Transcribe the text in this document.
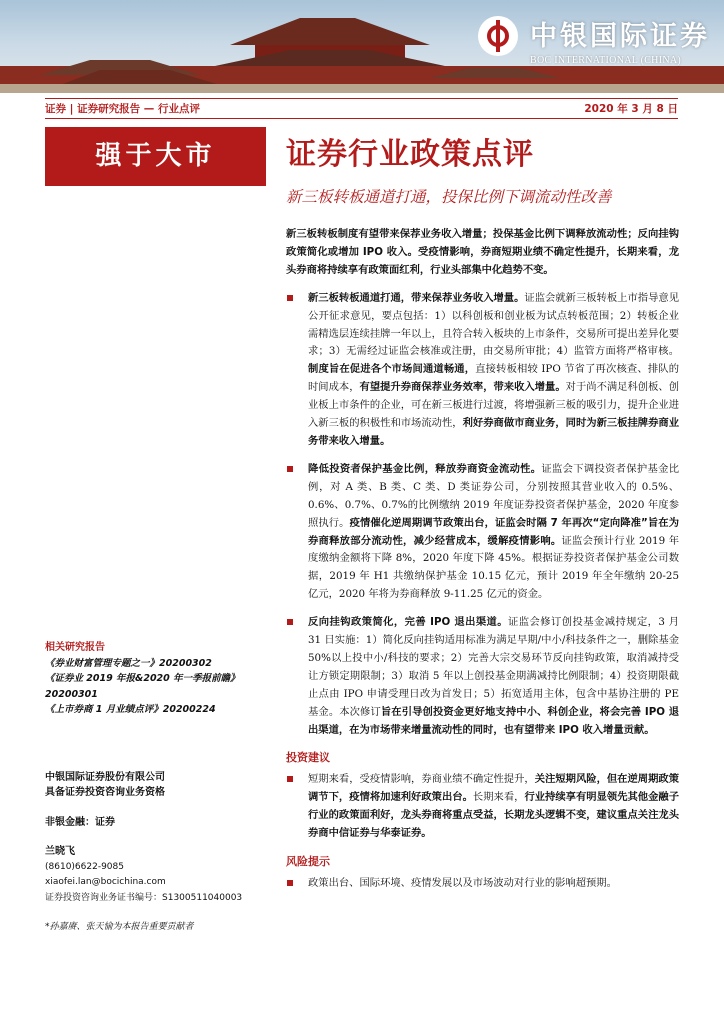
中银国际证券
BOC INTERNATIONAL (CHINA)
证券 | 证券研究报告 — 行业点评	2020 年 3 月 8 日
强于大市	证券行业政策点评
新三板转板通道打通，投保比例下调流动性改善
新三板转板制度有望带来保荐业务收入增量；投保基金比例下调释放流动性；反向挂钩政策简化或增加 IPO 收入。受疫情影响，券商短期业绩不确定性提升，长期来看，龙头券商将持续享有政策面红利，行业头部集中化趋势不变。
新三板转板通道打通，带来保荐业务收入增量。证监会就新三板转板上市指导意见公开征求意见，要点包括：1）以科创板和创业板为试点转板范围；2）转板企业需精选层连续挂牌一年以上，且符合转入板块的上市条件，交易所可提出差异化要求；3）无需经过证监会核准或注册，由交易所审批；4）监管方面将严格审核。制度旨在促进各个市场间通道畅通，直接转板相较 IPO 节省了再次核查、排队的时间成本，有望提升券商保荐业务效率，带来收入增量。对于尚不满足科创板、创业板上市条件的企业，可在新三板进行过渡，将增强新三板的吸引力，提升企业进入新三板的积极性和市场流动性，利好券商做市商业务，同时为新三板挂牌券商业务带来收入增量。
降低投资者保护基金比例，释放券商资金流动性。证监会下调投资者保护基金比例，对 A 类、B 类、C 类、D 类证券公司，分别按照其营业收入的 0.5%、0.6%、0.7%、0.7%的比例缴纳 2019 年度证券投资者保护基金，2020 年度参照执行。疫情催化逆周期调节政策出台，证监会时隔 7 年再次“定向降准”旨在为券商释放部分流动性，减少经营成本，缓解疫情影响。证监会预计行业 2019 年度缴纳金额将下降 8%，2020 年度下降 45%。根据证券投资者保护基金公司数据，2019 年 H1 共缴纳保护基金 10.15 亿元，预计 2019 年全年缴纳 20-25 亿元，2020 年将为券商释放 9-11.25 亿元的资金。
反向挂钩政策简化，完善 IPO 退出渠道。证监会修订创投基金减持规定，3 月 31 日实施：1）简化反向挂钩适用标准为满足早期/中小/科技条件之一，删除基金 50%以上投中小/科技的要求；2）完善大宗交易环节反向挂钩政策，取消减持受让方锁定期限制；3）取消 5 年以上创投基金期满减持比例限制；4）投资期限截止点由 IPO 申请受理日改为首发日；5）拓宽适用主体，包含中基协注册的 PE 基金。本次修订旨在引导创投资金更好地支持中小、科创企业，将会完善 IPO 退出渠道，在为市场带来增量流动性的同时，也有望带来 IPO 收入增量贡献。
投资建议
短期来看，受疫情影响，券商业绩不确定性提升，关注短期风险，但在逆周期政策调节下，疫情将加速利好政策出台。长期来看，行业持续享有明显领先其他金融子行业的政策面利好，龙头券商将重点受益，长期龙头逻辑不变，建议重点关注龙头券商中信证券与华泰证券。
风险提示
政策出台、国际环境、疫情发展以及市场波动对行业的影响超预期。
相关研究报告
《券业财富管理专题之一》20200302
《证券业 2019 年报&2020 年一季报前瞻》20200301
《上市券商 1 月业绩点评》20200224
中银国际证券股份有限公司
具备证券投资咨询业务资格
非银金融：证券
兰晓飞
(8610)6622-9085
xiaofei.lan@bocichina.com
证券投资咨询业务证书编号：S1300511040003
*孙嘉赓、张天愉为本报告重要贡献者
